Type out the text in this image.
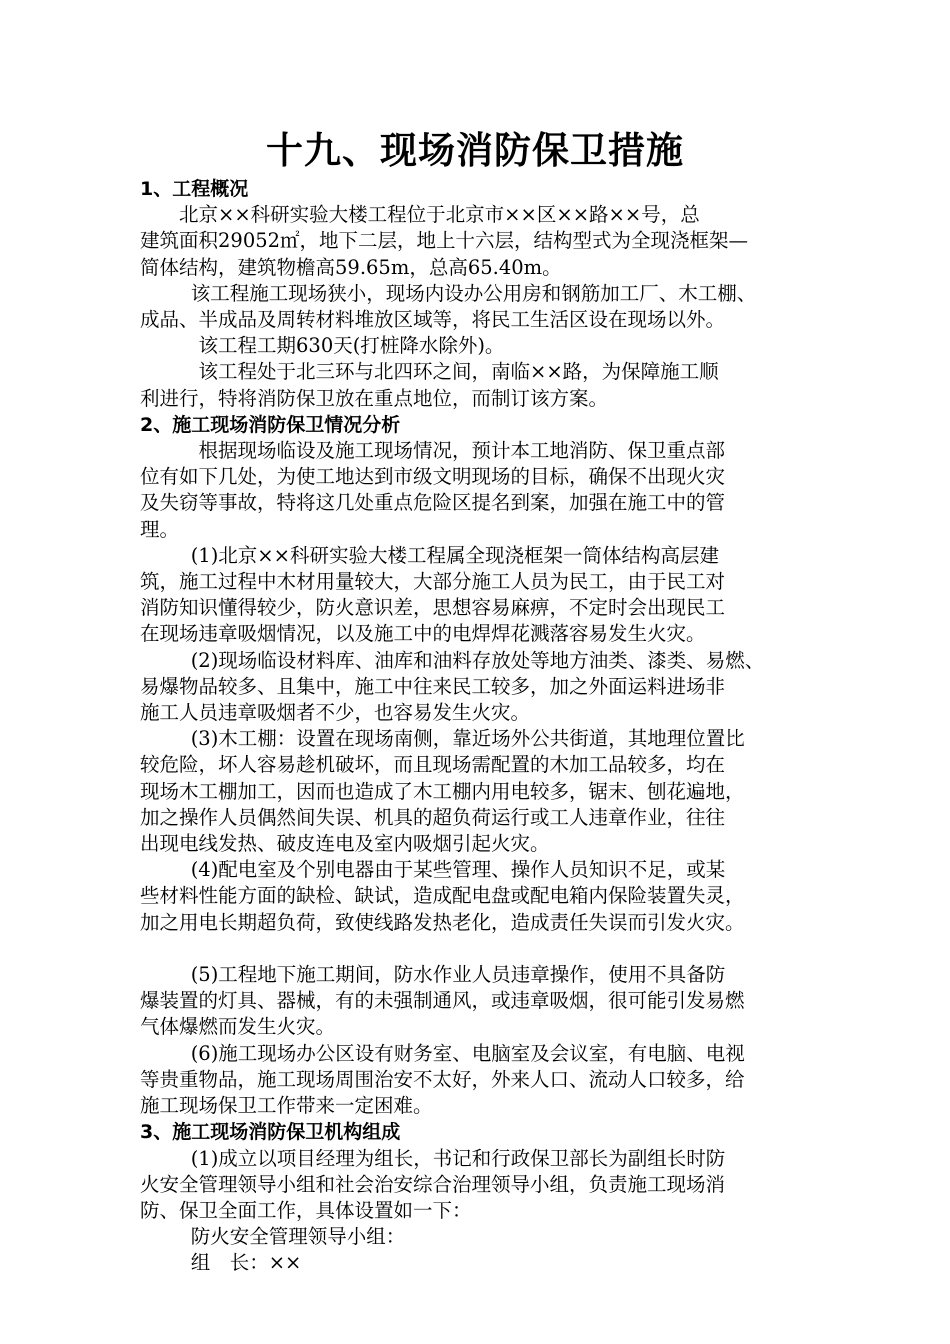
十九、现场消防保卫措施
1、工程概况

北京××科研实验大楼工程位于北京市××区××路××号，总
建筑面积29052㎡，地下二层，地上十六层，结构型式为全现浇框架—
简体结构，建筑物檐高59.65m，总高65.40m。

该工程施工现场狭小，现场内设办公用房和钢筋加工厂、木工棚、
成品、半成品及周转材料堆放区域等，将民工生活区设在现场以外。

该工程工期630天(打桩降水除外)。

该工程处于北三环与北四环之间，南临××路，为保障施工顺
利进行，特将消防保卫放在重点地位，而制订该方案。

2、施工现场消防保卫情况分析

根据现场临设及施工现场情况，预计本工地消防、保卫重点部
位有如下几处，为使工地达到市级文明现场的目标，确保不出现火灾
及失窃等事故，特将这几处重点危险区提名到案，加强在施工中的管
理。

(1)北京××科研实验大楼工程属全现浇框架一筒体结构高层建
筑，施工过程中木材用量较大，大部分施工人员为民工，由于民工对
消防知识懂得较少，防火意识差，思想容易麻痹，不定时会出现民工
在现场违章吸烟情况，以及施工中的电焊焊花溅落容易发生火灾。

(2)现场临设材料库、油库和油料存放处等地方油类、漆类、易燃、
易爆物品较多、且集中，施工中往来民工较多，加之外面运料进场非
施工人员违章吸烟者不少，也容易发生火灾。

(3)木工棚：设置在现场南侧，靠近场外公共街道，其地理位置比
较危险，坏人容易趁机破坏，而且现场需配置的木加工品较多，均在
现场木工棚加工，因而也造成了木工棚内用电较多，锯末、刨花遍地，
加之操作人员偶然间失误、机具的超负荷运行或工人违章作业，往往
出现电线发热、破皮连电及室内吸烟引起火灾。

(4)配电室及个别电器由于某些管理、操作人员知识不足，或某
些材料性能方面的缺检、缺试，造成配电盘或配电箱内保险装置失灵，
加之用电长期超负荷，致使线路发热老化，造成责任失误而引发火灾。

(5)工程地下施工期间，防水作业人员违章操作，使用不具备防
爆装置的灯具、器械，有的未强制通风，或违章吸烟，很可能引发易燃
气体爆燃而发生火灾。

(6)施工现场办公区设有财务室、电脑室及会议室，有电脑、电视
等贵重物品，施工现场周围治安不太好，外来人口、流动人口较多，给
施工现场保卫工作带来一定困难。

3、施工现场消防保卫机构组成

(1)成立以项目经理为组长，书记和行政保卫部长为副组长时防
火安全管理领导小组和社会治安综合治理领导小组，负责施工现场消
防、保卫全面工作，具体设置如一下：

防火安全管理领导小组：

组　长：××
